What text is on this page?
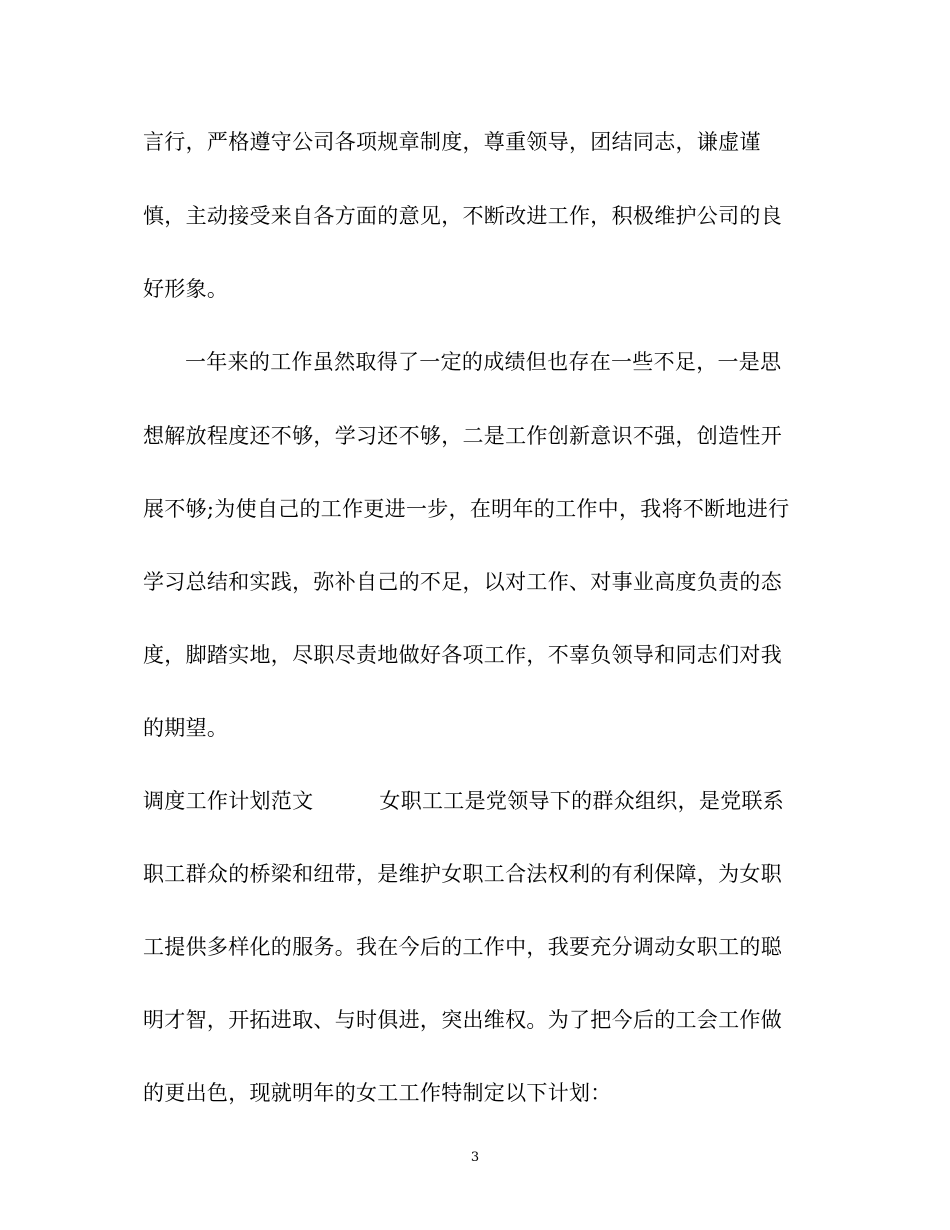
言行，严格遵守公司各项规章制度，尊重领导，团结同志，谦虚谨
慎，主动接受来自各方面的意见，不断改进工作，积极维护公司的良
好形象。
一年来的工作虽然取得了一定的成绩但也存在一些不足，一是思
想解放程度还不够，学习还不够，二是工作创新意识不强，创造性开
展不够;为使自己的工作更进一步，在明年的工作中，我将不断地进行
学习总结和实践，弥补自己的不足，以对工作、对事业高度负责的态
度，脚踏实地，尽职尽责地做好各项工作，不辜负领导和同志们对我
的期望。
调度工作计划范文	女职工工是党领导下的群众组织，是党联系
职工群众的桥梁和纽带，是维护女职工合法权利的有利保障，为女职
工提供多样化的服务。我在今后的工作中，我要充分调动女职工的聪
明才智，开拓进取、与时俱进，突出维权。为了把今后的工会工作做
的更出色，现就明年的女工工作特制定以下计划：
3
